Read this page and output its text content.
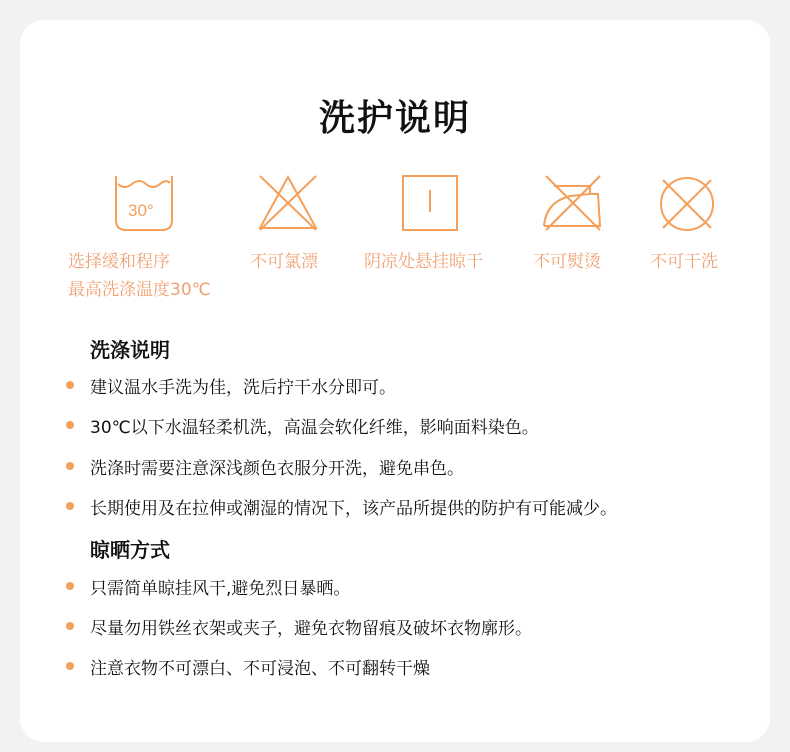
洗护说明
30°
选择缓和程序
最高洗涤温度30℃
不可氯漂	阴凉处悬挂晾干	不可熨烫	不可干洗
洗涤说明
建议温水手洗为佳，洗后拧干水分即可。
30℃以下水温轻柔机洗，高温会软化纤维，影响面料染色。
洗涤时需要注意深浅颜色衣服分开洗，避免串色。
长期使用及在拉伸或潮湿的情况下，该产品所提供的防护有可能减少。
晾晒方式
只需简单晾挂风干,避免烈日暴晒。
尽量勿用铁丝衣架或夹子，避免衣物留痕及破坏衣物廓形。
注意衣物不可漂白、不可浸泡、不可翻转干燥
